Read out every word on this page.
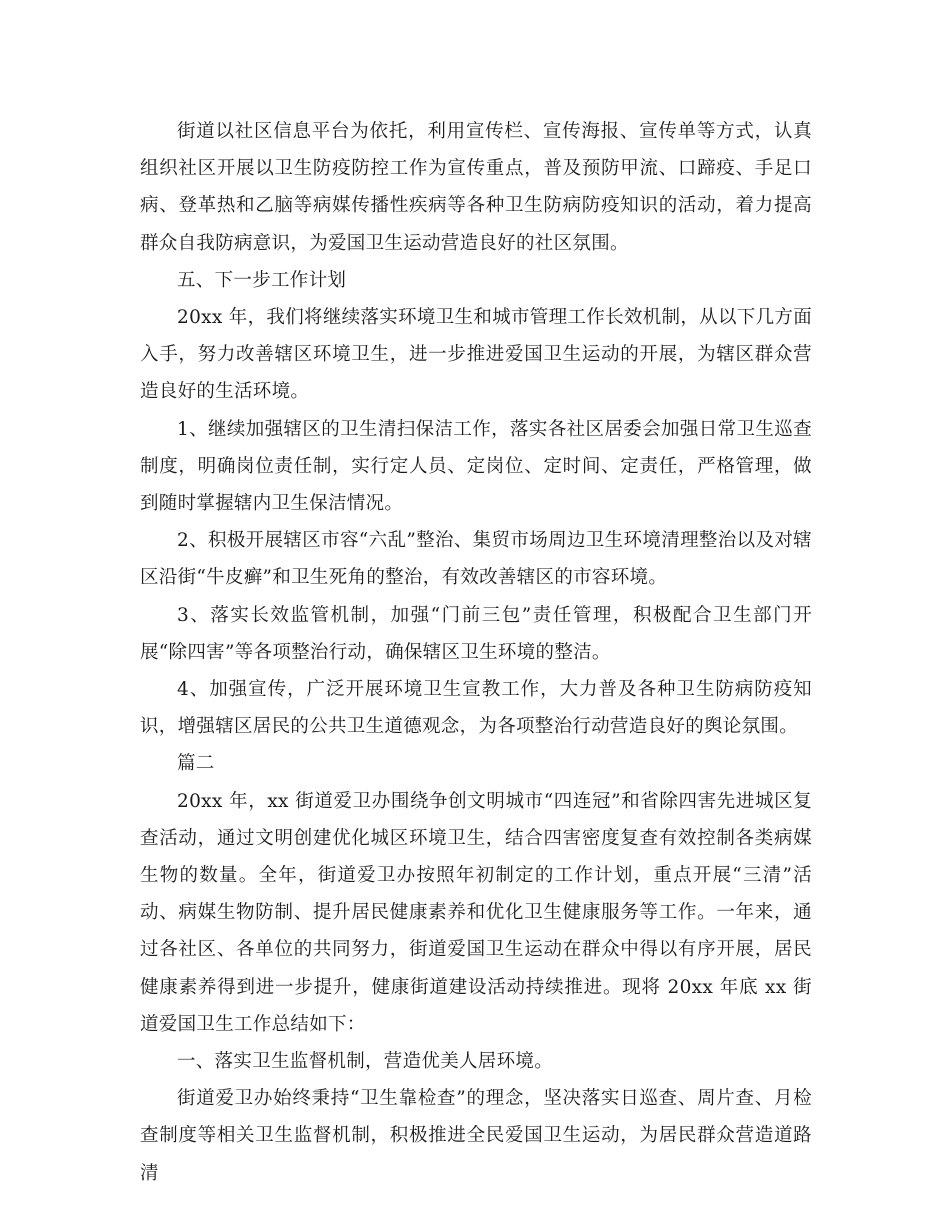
街道以社区信息平台为依托，利用宣传栏、宣传海报、宣传单等方式，认真组织社区开展以卫生防疫防控工作为宣传重点，普及预防甲流、口蹄疫、手足口病、登革热和乙脑等病媒传播性疾病等各种卫生防病防疫知识的活动，着力提高群众自我防病意识，为爱国卫生运动营造良好的社区氛围。

五、下一步工作计划

20xx 年，我们将继续落实环境卫生和城市管理工作长效机制，从以下几方面入手，努力改善辖区环境卫生，进一步推进爱国卫生运动的开展，为辖区群众营造良好的生活环境。

1、继续加强辖区的卫生清扫保洁工作，落实各社区居委会加强日常卫生巡查制度，明确岗位责任制，实行定人员、定岗位、定时间、定责任，严格管理，做到随时掌握辖内卫生保洁情况。

2、积极开展辖区市容“六乱”整治、集贸市场周边卫生环境清理整治以及对辖区沿街“牛皮癣”和卫生死角的整治，有效改善辖区的市容环境。

3、落实长效监管机制，加强“门前三包”责任管理，积极配合卫生部门开展“除四害”等各项整治行动，确保辖区卫生环境的整洁。

4、加强宣传，广泛开展环境卫生宣教工作，大力普及各种卫生防病防疫知识，增强辖区居民的公共卫生道德观念，为各项整治行动营造良好的舆论氛围。

篇二

20xx 年，xx 街道爱卫办围绕争创文明城市“四连冠”和省除四害先进城区复查活动，通过文明创建优化城区环境卫生，结合四害密度复查有效控制各类病媒生物的数量。全年，街道爱卫办按照年初制定的工作计划，重点开展“三清”活动、病媒生物防制、提升居民健康素养和优化卫生健康服务等工作。一年来，通过各社区、各单位的共同努力，街道爱国卫生运动在群众中得以有序开展，居民健康素养得到进一步提升，健康街道建设活动持续推进。现将 20xx 年底 xx 街道爱国卫生工作总结如下：

一、落实卫生监督机制，营造优美人居环境。

街道爱卫办始终秉持“卫生靠检查”的理念，坚决落实日巡查、周片查、月检查制度等相关卫生监督机制，积极推进全民爱国卫生运动，为居民群众营造道路清
